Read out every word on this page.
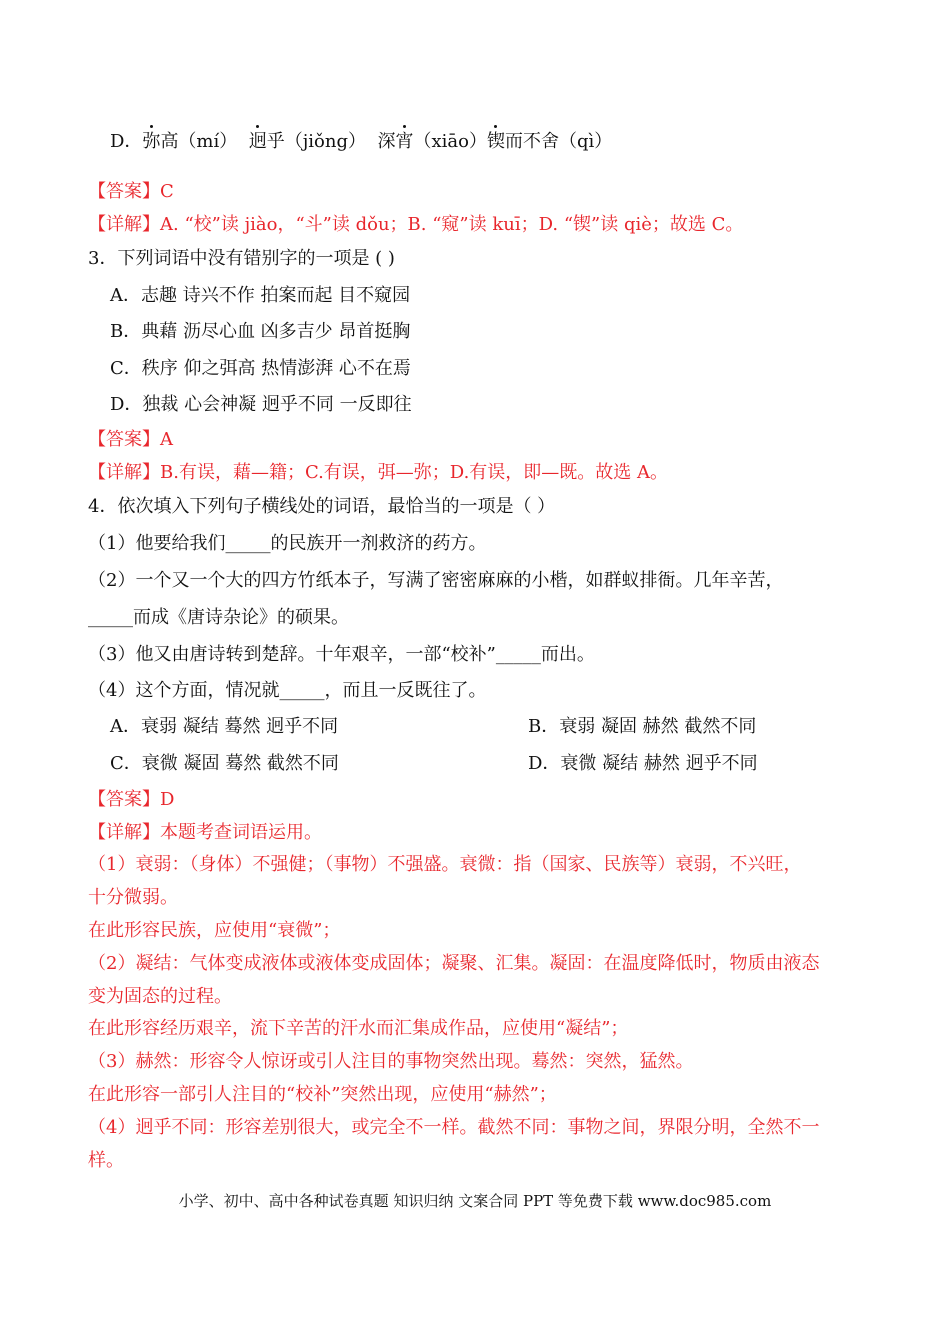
D．弥高（mí） 迥乎（jiǒng） 深宵（xiāo）锲而不舍（qì）
【答案】C
【详解】A. “校”读 jiào，“斗”读 dǒu；B. “窥”读 kuī；D. “锲”读 qiè；故选 C。
3．下列词语中没有错别字的一项是 ( )
A．志趣 诗兴不作 拍案而起 目不窥园
B．典藉 沥尽心血 凶多吉少 昂首挺胸
C．秩序 仰之弭高 热情澎湃 心不在焉
D．独裁 心会神凝 迥乎不同 一反即往
【答案】A
【详解】B.有误，藉—籍；C.有误，弭—弥；D.有误，即—既。故选 A。
4．依次填入下列句子横线处的词语，最恰当的一项是（ ）
（1）他要给我们_____的民族开一剂救济的药方。
（2）一个又一个大的四方竹纸本子，写满了密密麻麻的小楷，如群蚁排衙。几年辛苦，
_____而成《唐诗杂论》的硕果。
（3）他又由唐诗转到楚辞。十年艰辛，一部“校补”_____而出。
（4）这个方面，情况就_____，而且一反既往了。
A．衰弱 凝结 蓦然 迥乎不同	B．衰弱 凝固 赫然 截然不同
C．衰微 凝固 蓦然 截然不同	D．衰微 凝结 赫然 迥乎不同
【答案】D
【详解】本题考查词语运用。
（1）衰弱：（身体）不强健；（事物）不强盛。衰微：指（国家、民族等）衰弱，不兴旺，
十分微弱。
在此形容民族，应使用“衰微”；
（2）凝结：气体变成液体或液体变成固体；凝聚、汇集。凝固：在温度降低时，物质由液态
变为固态的过程。
在此形容经历艰辛，流下辛苦的汗水而汇集成作品，应使用“凝结”；
（3）赫然：形容令人惊讶或引人注目的事物突然出现。蓦然：突然，猛然。
在此形容一部引人注目的“校补”突然出现，应使用“赫然”；
（4）迥乎不同：形容差别很大，或完全不一样。截然不同：事物之间，界限分明，全然不一
样。
小学、初中、高中各种试卷真题 知识归纳 文案合同 PPT 等免费下载 www.doc985.com
